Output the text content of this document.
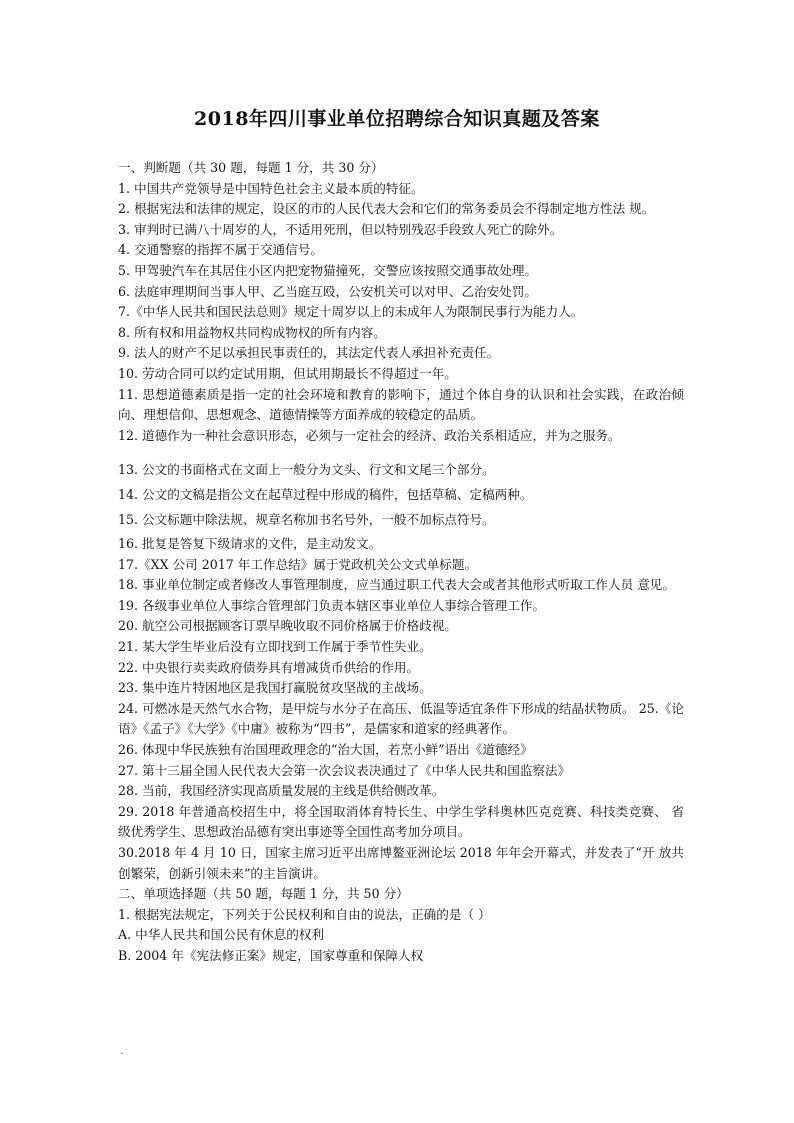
2018年四川事业单位招聘综合知识真题及答案

一、判断题（共 30 题，每题 1 分，共 30 分）

1. 中国共产党领导是中国特色社会主义最本质的特征。

2. 根据宪法和法律的规定，设区的市的人民代表大会和它们的常务委员会不得制定地方性法 规。

3. 审判时已满八十周岁的人，不适用死刑，但以特别残忍手段致人死亡的除外。

4. 交通警察的指挥不属于交通信号。

5. 甲驾驶汽车在其居住小区内把宠物猫撞死，交警应该按照交通事故处理。

6. 法庭审理期间当事人甲、乙当庭互殴，公安机关可以对甲、乙治安处罚。

7.《中华人民共和国民法总则》规定十周岁以上的未成年人为限制民事行为能力人。

8. 所有权和用益物权共同构成物权的所有内容。

9. 法人的财产不足以承担民事责任的，其法定代表人承担补充责任。

10. 劳动合同可以约定试用期，但试用期最长不得超过一年。

11. 思想道德素质是指一定的社会环境和教育的影响下，通过个体自身的认识和社会实践，在政治倾向、理想信仰、思想观念、道德情操等方面养成的较稳定的品质。

12. 道德作为一种社会意识形态，必须与一定社会的经济、政治关系相适应，并为之服务。

13. 公文的书面格式在文面上一般分为文头、行文和文尾三个部分。

14. 公文的文稿是指公文在起草过程中形成的稿件，包括草稿、定稿两种。

15. 公文标题中除法规、规章名称加书名号外，一般不加标点符号。

16. 批复是答复下级请求的文件，是主动发文。

17.《XX 公司 2017 年工作总结》属于党政机关公文式单标题。

18. 事业单位制定或者修改人事管理制度，应当通过职工代表大会或者其他形式听取工作人员 意见。

19. 各级事业单位人事综合管理部门负责本辖区事业单位人事综合管理工作。

20. 航空公司根据顾客订票早晚收取不同价格属于价格歧视。

21. 某大学生毕业后没有立即找到工作属于季节性失业。

22. 中央银行卖卖政府债券具有增减货币供给的作用。

23. 集中连片特困地区是我国打赢脱贫攻坚战的主战场。

24. 可燃冰是天然气水合物，是甲烷与水分子在高压、低温等适宜条件下形成的结晶状物质。 25.《论语》《孟子》《大学》《中庸》被称为“四书”，是儒家和道家的经典著作。

26. 体现中华民族独有治国理政理念的“治大国，若烹小鲜”语出《道德经》

27. 第十三届全国人民代表大会第一次会议表决通过了《中华人民共和国监察法》

28. 当前，我国经济实现高质量发展的主线是供给侧改革。

29. 2018 年普通高校招生中，将全国取消体育特长生、中学生学科奥林匹克竞赛、科技类竞赛、 省级优秀学生、思想政治品德有突出事迹等全国性高考加分项目。

30.2018 年 4 月 10 日，国家主席习近平出席博鳌亚洲论坛 2018 年年会开幕式，并发表了“开 放共创繁荣，创新引领未来”的主旨演讲。

二、单项选择题（共 50 题，每题 1 分，共 50 分）

1. 根据宪法规定，下列关于公民权利和自由的说法，正确的是（ ）

A. 中华人民共和国公民有休息的权利

B. 2004 年《宪法修正案》规定，国家尊重和保障人权

.
